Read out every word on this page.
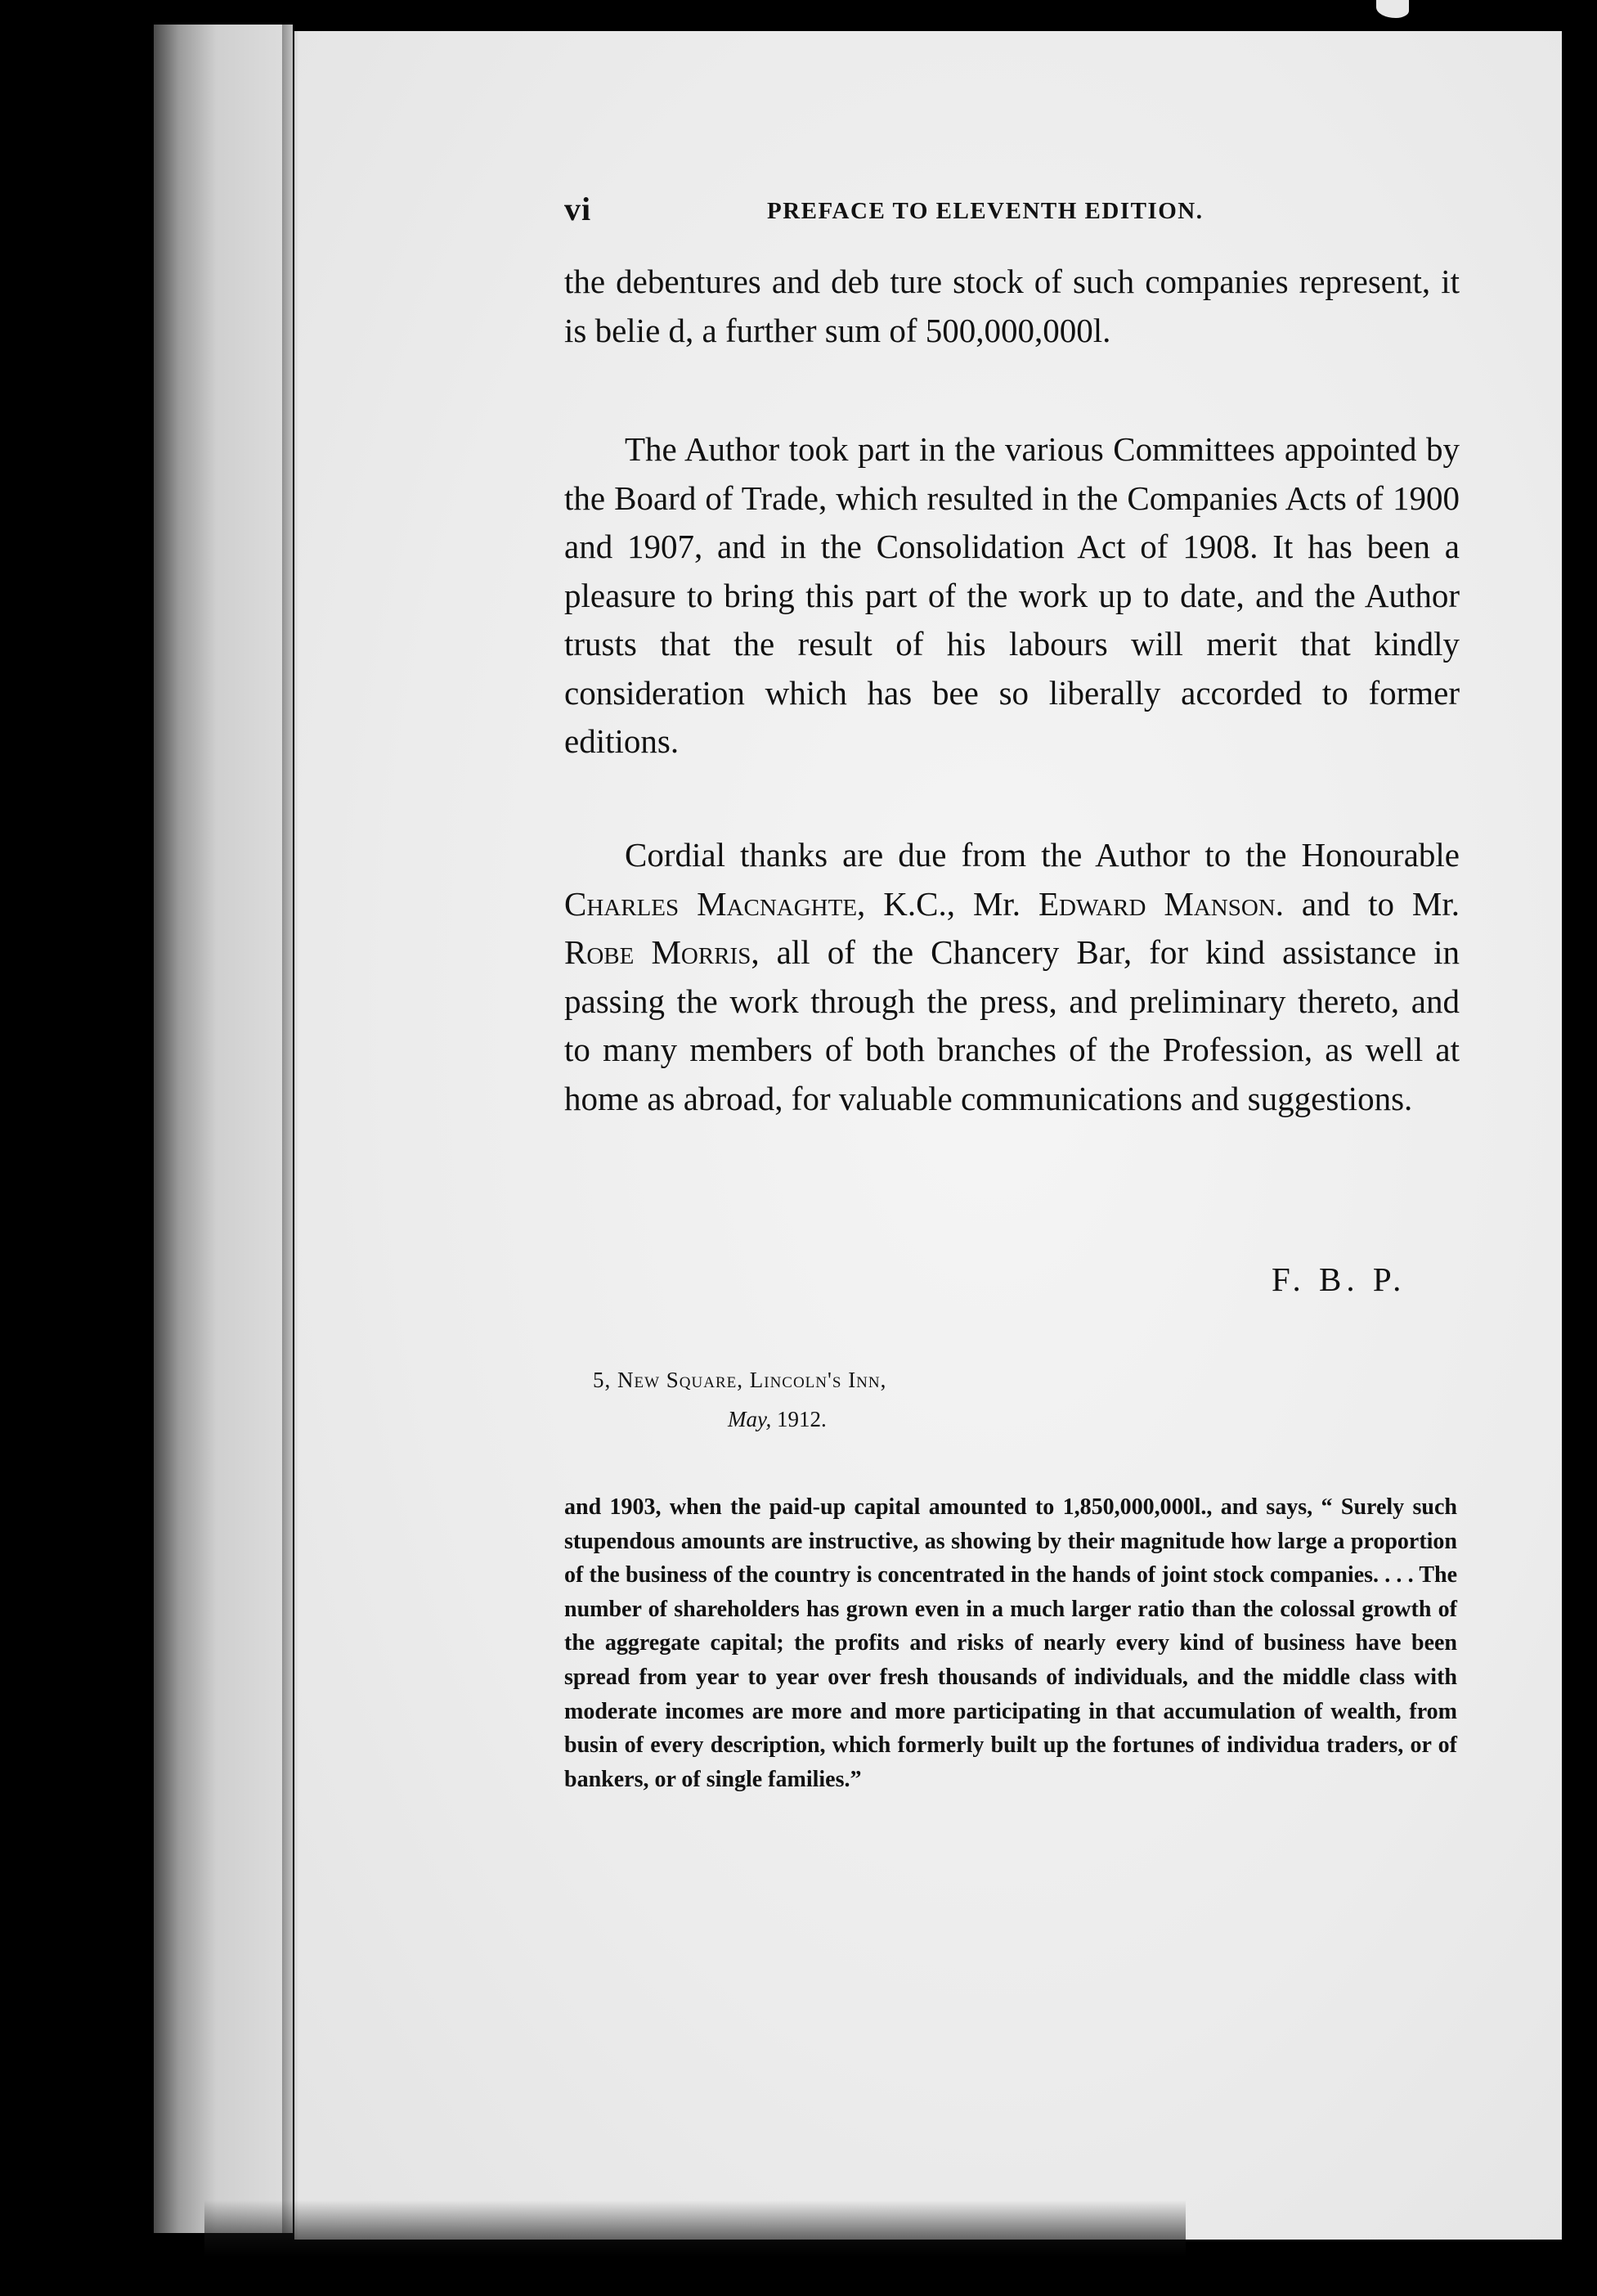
vi	PREFACE TO ELEVENTH EDITION.

the debentures and deb ture stock of such companies represent, it is belie d, a further sum of 500,000,000l.

The Author took part in the various Committees appointed by the Board of Trade, which resulted in the Companies Acts of 1900 and 1907, and in the Consolidation Act of 1908. It has been a pleasure to bring this part of the work up to date, and the Author trusts that the result of his labours will merit that kindly consideration which has bee so liberally accorded to former editions.

Cordial thanks are due from the Author to the Honourable Charles Macnaghte, K.C., Mr. Edward Manson. and to Mr. Robe Morris, all of the Chancery Bar, for kind assistance in passing the work through the press, and preliminary thereto, and to many members of both branches of the Profession, as well at home as abroad, for valuable communications and suggestions.

F. B. P.
5, New Square, Lincoln's Inn,
May, 1912.

and 1903, when the paid-up capital amounted to 1,850,000,000l., and says, “ Surely such stupendous amounts are instructive, as showing by their magnitude how large a proportion of the business of the country is concentrated in the hands of joint stock companies. . . . The number of shareholders has grown even in a much larger ratio than the colossal growth of the aggregate capital; the profits and risks of nearly every kind of business have been spread from year to year over fresh thousands of individuals, and the middle class with moderate incomes are more and more participating in that accumulation of wealth, from busin of every description, which formerly built up the fortunes of individua traders, or of bankers, or of single families.”
